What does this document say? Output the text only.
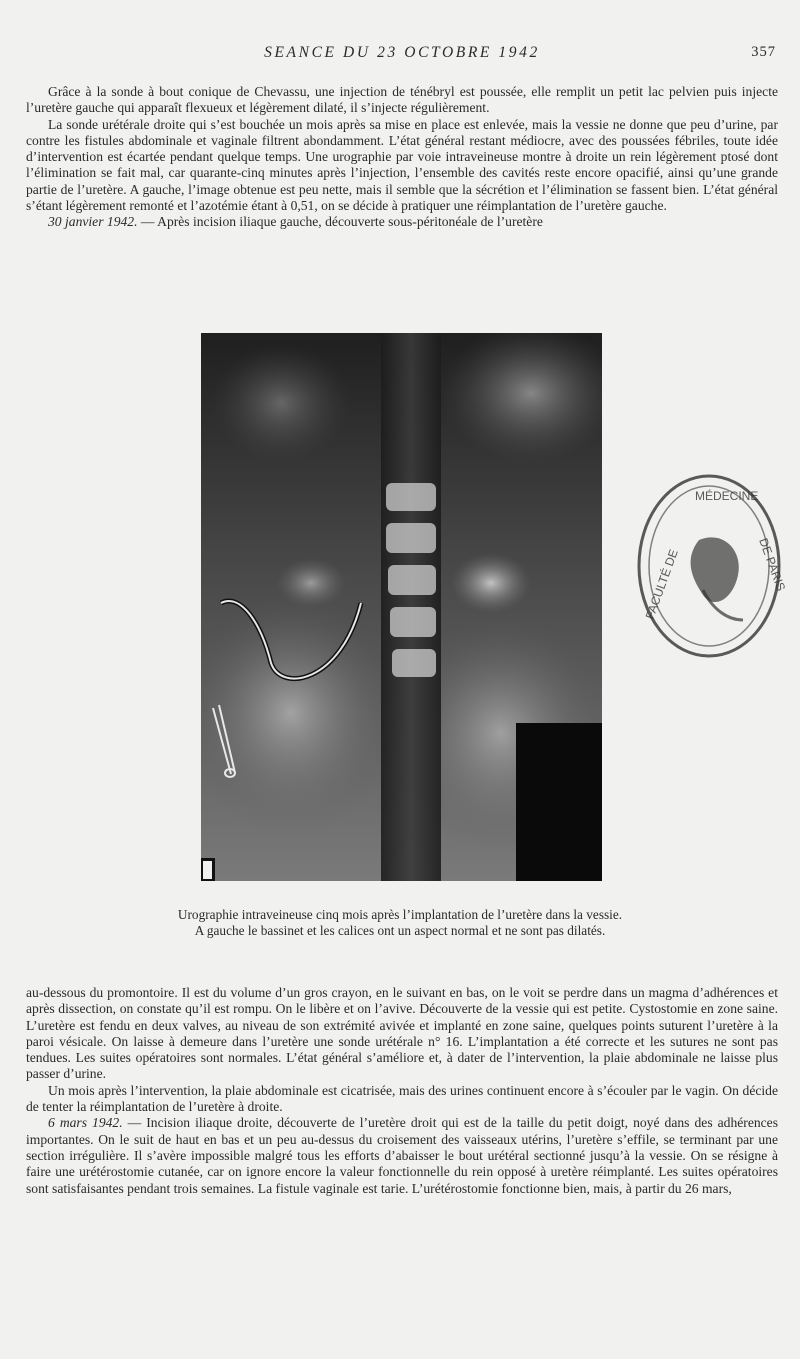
SEANCE DU 23 OCTOBRE 1942	357

Grâce à la sonde à bout conique de Chevassu, une injection de ténébryl est poussée, elle remplit un petit lac pelvien puis injecte l’uretère gauche qui apparaît flexueux et légèrement dilaté, il s’injecte régulièrement.

La sonde urétérale droite qui s’est bouchée un mois après sa mise en place est enlevée, mais la vessie ne donne que peu d’urine, par contre les fistules abdominale et vaginale filtrent abondamment. L’état général restant médiocre, avec des poussées fébriles, toute idée d’intervention est écartée pendant quelque temps. Une urographie par voie intraveineuse montre à droite un rein légèrement ptosé dont l’élimination se fait mal, car quarante-cinq minutes après l’injection, l’ensemble des cavités reste encore opacifié, ainsi qu’une grande partie de l’uretère. A gauche, l’image obtenue est peu nette, mais il semble que la sécrétion et l’élimination se fassent bien. L’état général s’étant légèrement remonté et l’azotémie étant à 0,51, on se décide à pratiquer une réimplantation de l’uretère gauche.

30 janvier 1942. — Après incision iliaque gauche, découverte sous-péritonéale de l’uretère

Urographie intraveineuse cinq mois après l’implantation de l’uretère dans la vessie.
A gauche le bassinet et les calices ont un aspect normal et ne sont pas dilatés.
FACULTÉ DE
MÉDECINE
DE PARIS

au-dessous du promontoire. Il est du volume d’un gros crayon, en le suivant en bas, on le voit se perdre dans un magma d’adhérences et après dissection, on constate qu’il est rompu. On le libère et on l’avive. Découverte de la vessie qui est petite. Cystostomie en zone saine. L’uretère est fendu en deux valves, au niveau de son extrémité avivée et implanté en zone saine, quelques points suturent l’uretère à la paroi vésicale. On laisse à demeure dans l’uretère une sonde urétérale n° 16. L’implantation a été correcte et les sutures ne sont pas tendues. Les suites opératoires sont normales. L’état général s’améliore et, à dater de l’intervention, la plaie abdominale ne laisse plus passer d’urine.

Un mois après l’intervention, la plaie abdominale est cicatrisée, mais des urines continuent encore à s’écouler par le vagin. On décide de tenter la réimplantation de l’uretère à droite.

6 mars 1942. — Incision iliaque droite, découverte de l’uretère droit qui est de la taille du petit doigt, noyé dans des adhérences importantes. On le suit de haut en bas et un peu au-dessus du croisement des vaisseaux utérins, l’uretère s’effile, se terminant par une section irrégulière. Il s’avère impossible malgré tous les efforts d’abaisser le bout urétéral sectionné jusqu’à la vessie. On se résigne à faire une urétérostomie cutanée, car on ignore encore la valeur fonctionnelle du rein opposé à uretère réimplanté. Les suites opératoires sont satisfaisantes pendant trois semaines. La fistule vaginale est tarie. L’urétérostomie fonctionne bien, mais, à partir du 26 mars,
